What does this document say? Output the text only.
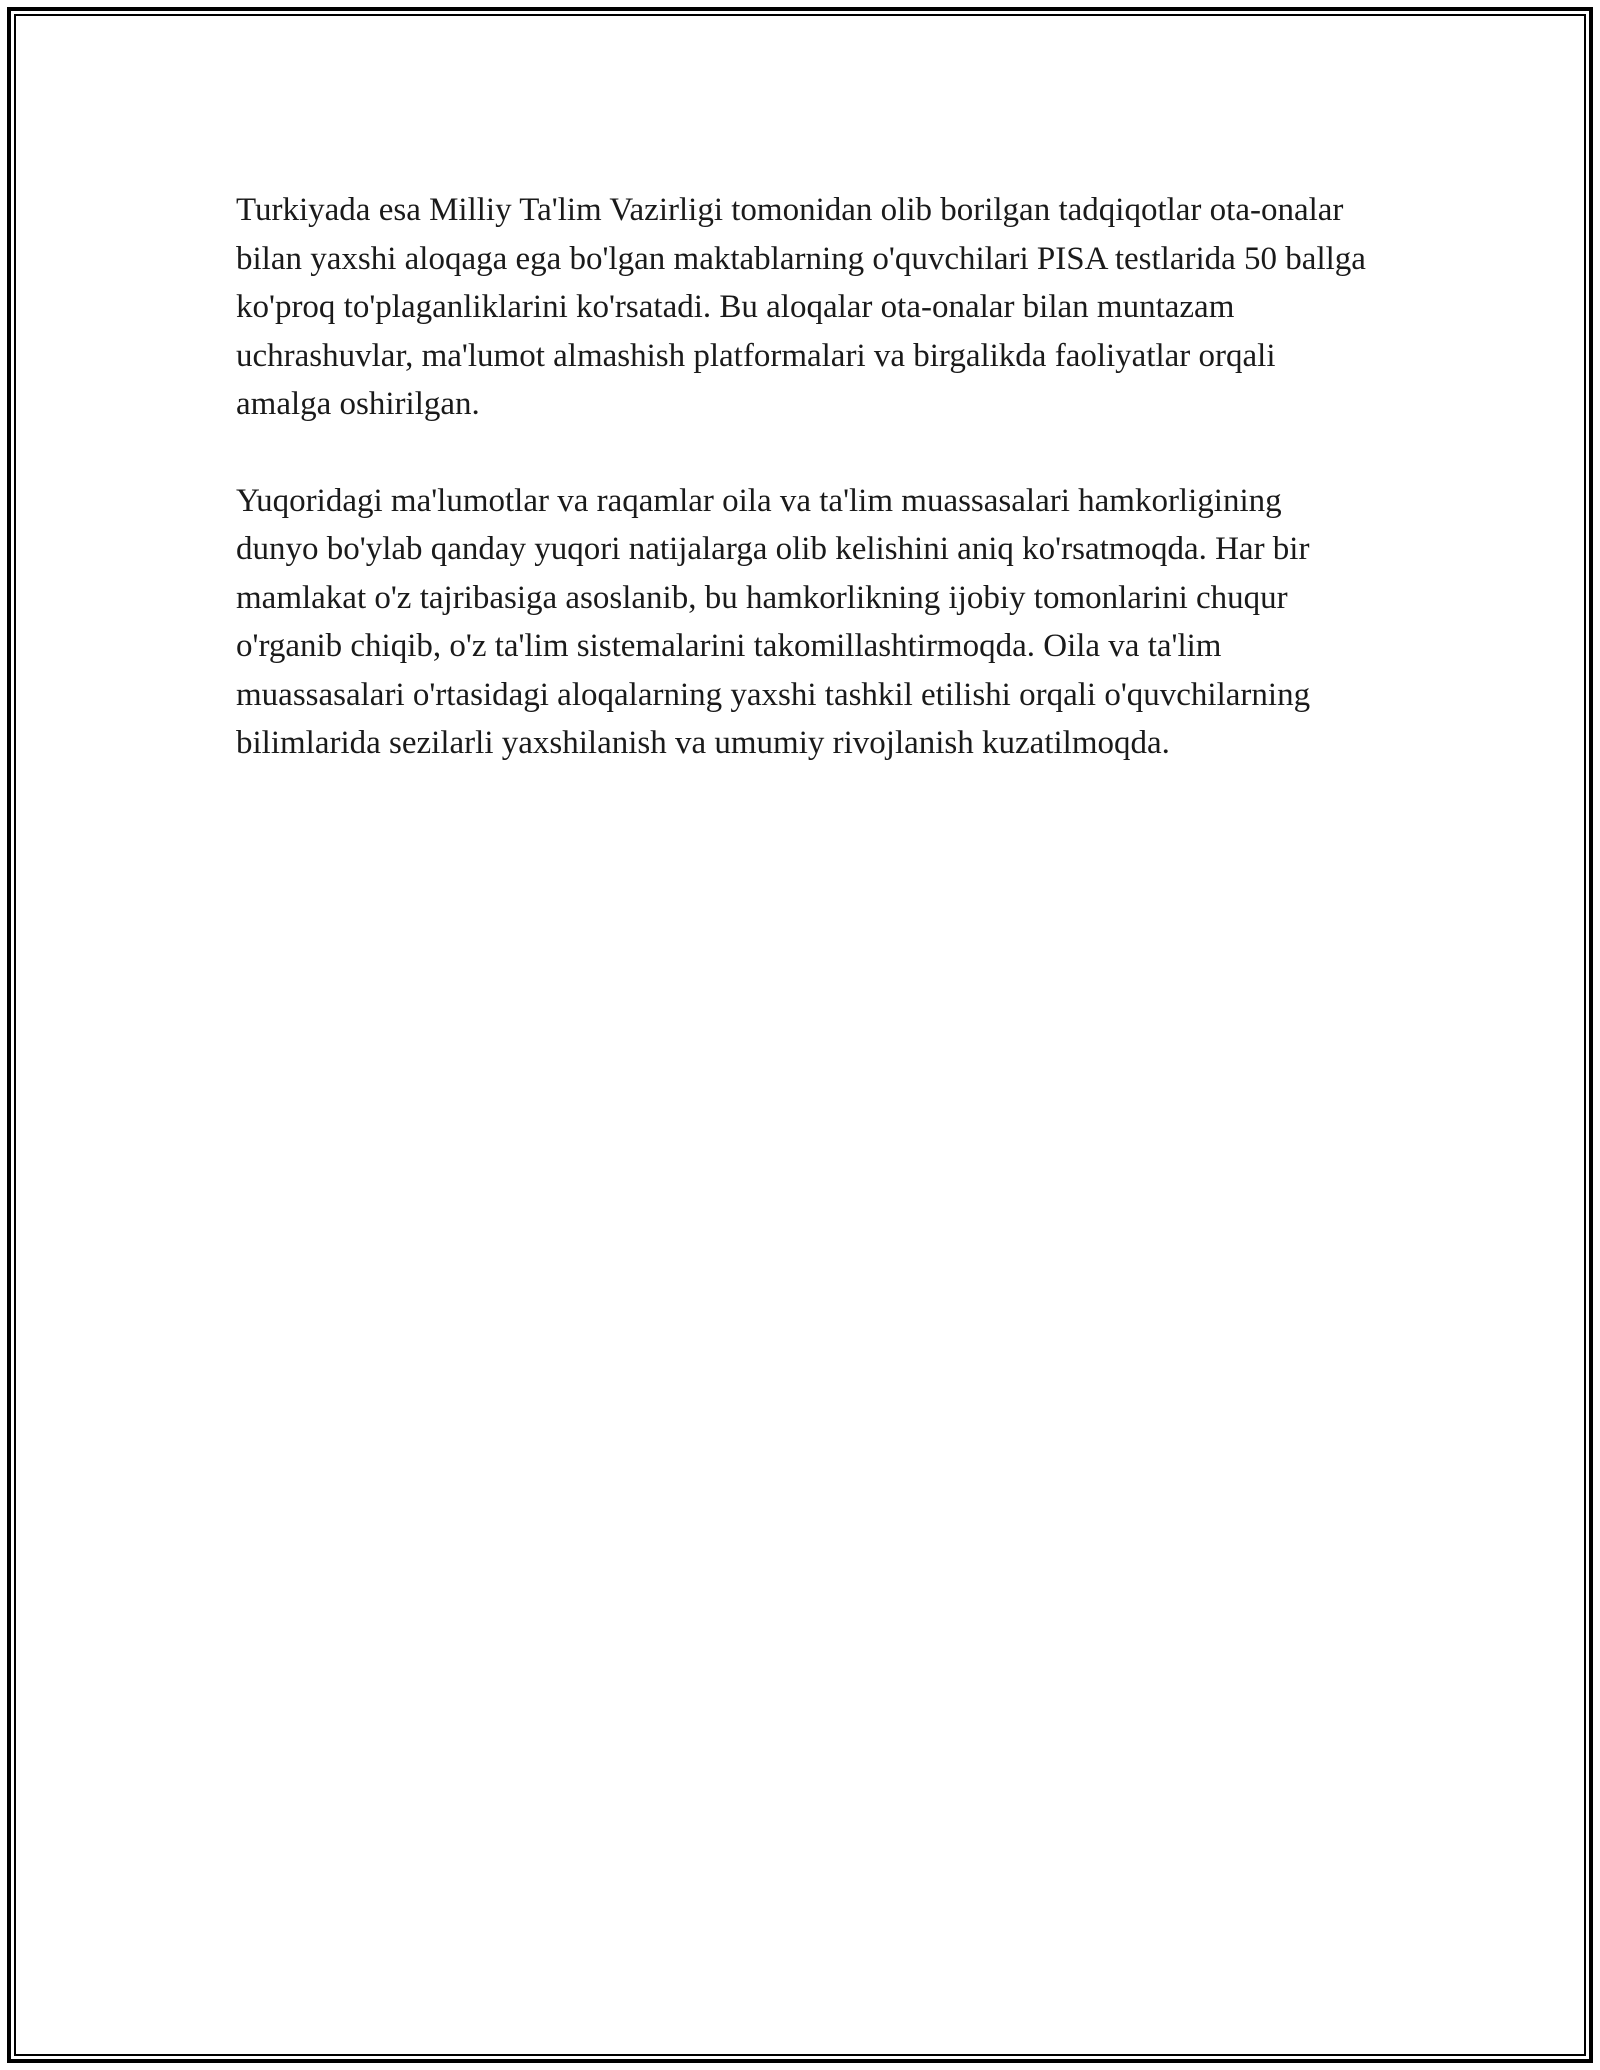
Turkiyada esa Milliy Ta'lim Vazirligi tomonidan olib borilgan tadqiqotlar ota-onalar bilan yaxshi aloqaga ega bo'lgan maktablarning o'quvchilari PISA testlarida 50 ballga ko'proq to'plaganliklarini ko'rsatadi. Bu aloqalar ota-onalar bilan muntazam uchrashuvlar, ma'lumot almashish platformalari va birgalikda faoliyatlar orqali amalga oshirilgan.

Yuqoridagi ma'lumotlar va raqamlar oila va ta'lim muassasalari hamkorligining dunyo bo'ylab qanday yuqori natijalarga olib kelishini aniq ko'rsatmoqda. Har bir mamlakat o'z tajribasiga asoslanib, bu hamkorlikning ijobiy tomonlarini chuqur o'rganib chiqib, o'z ta'lim sistemalarini takomillashtirmoqda. Oila va ta'lim muassasalari o'rtasidagi aloqalarning yaxshi tashkil etilishi orqali o'quvchilarning bilimlarida sezilarli yaxshilanish va umumiy rivojlanish kuzatilmoqda.
